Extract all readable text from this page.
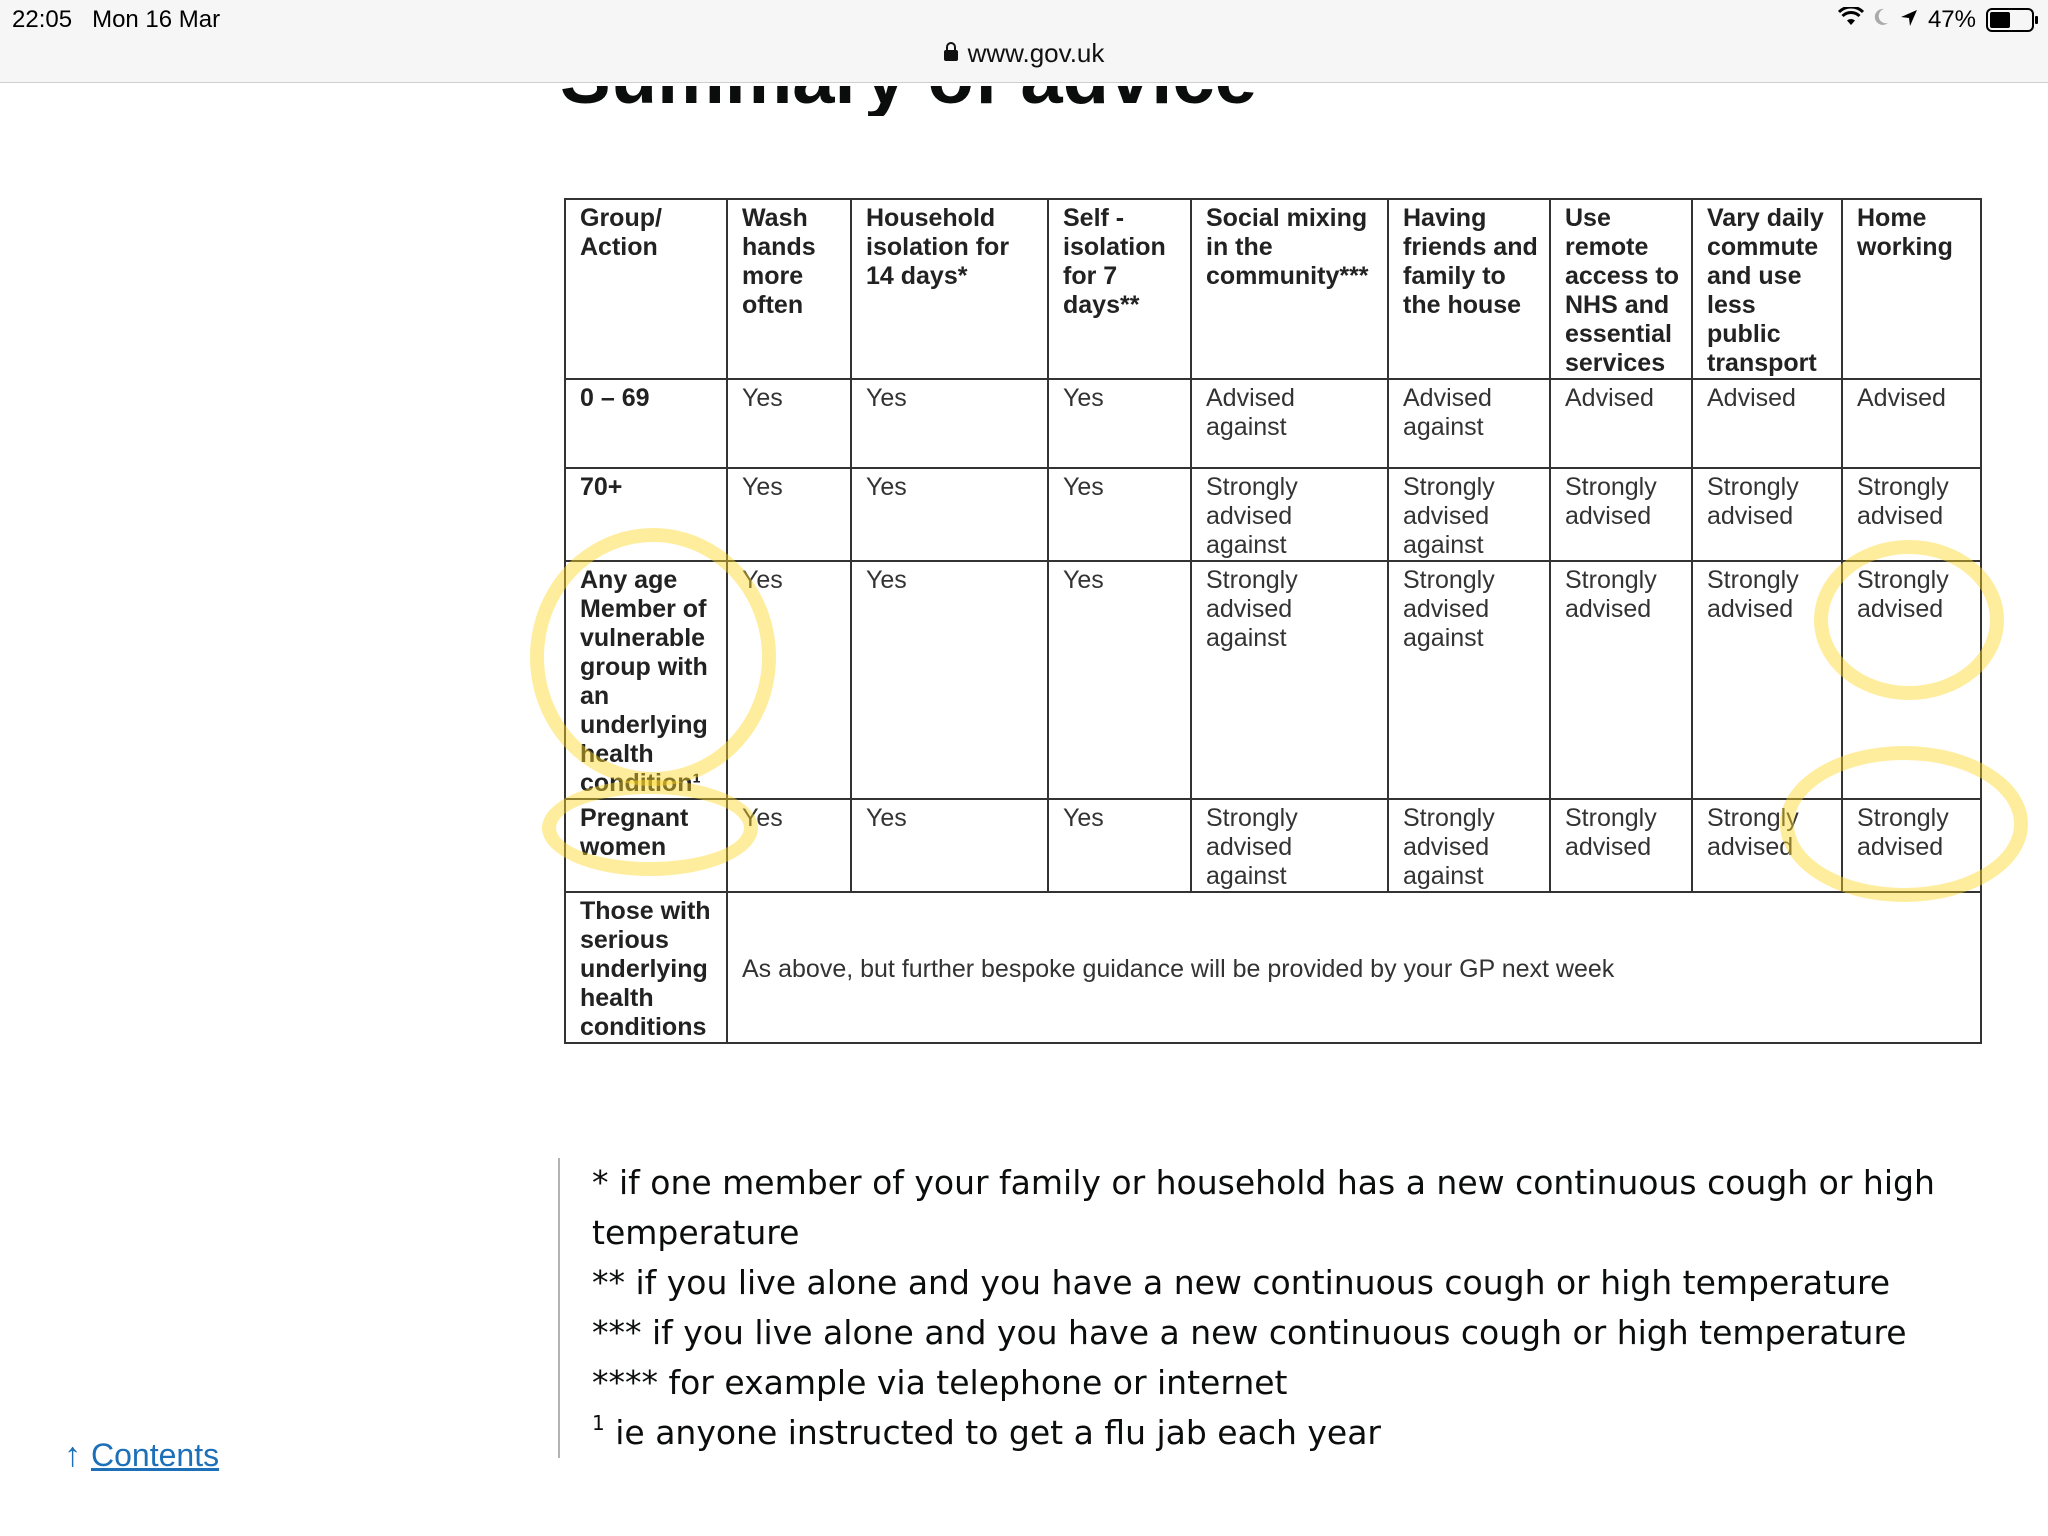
22:05 Mon 16 Mar	47%
www.gov.uk
Group/ Action	Wash hands more often	Household isolation for 14 days*	Self - isolation for 7 days**	Social mixing in the community***	Having friends and family to the house	Use remote access to NHS and essential services	Vary daily commute and use less public transport	Home working
0 – 69	Yes	Yes	Yes	Advised against	Advised against	Advised	Advised	Advised
70+	Yes	Yes	Yes	Strongly advised against	Strongly advised against	Strongly advised	Strongly advised	Strongly advised
Any age Member of vulnerable group with an underlying health condition¹	Yes	Yes	Yes	Strongly advised against	Strongly advised against	Strongly advised	Strongly advised	Strongly advised
Pregnant women	Yes	Yes	Yes	Strongly advised against	Strongly advised against	Strongly advised	Strongly advised	Strongly advised
Those with serious underlying health conditions	As above, but further bespoke guidance will be provided by your GP next week							

* if one member of your family or household has a new continuous cough or high temperature

** if you live alone and you have a new continuous cough or high temperature

*** if you live alone and you have a new continuous cough or high temperature

**** for example via telephone or internet

$^1$ ie anyone instructed to get a flu jab each year

↑ Contents
